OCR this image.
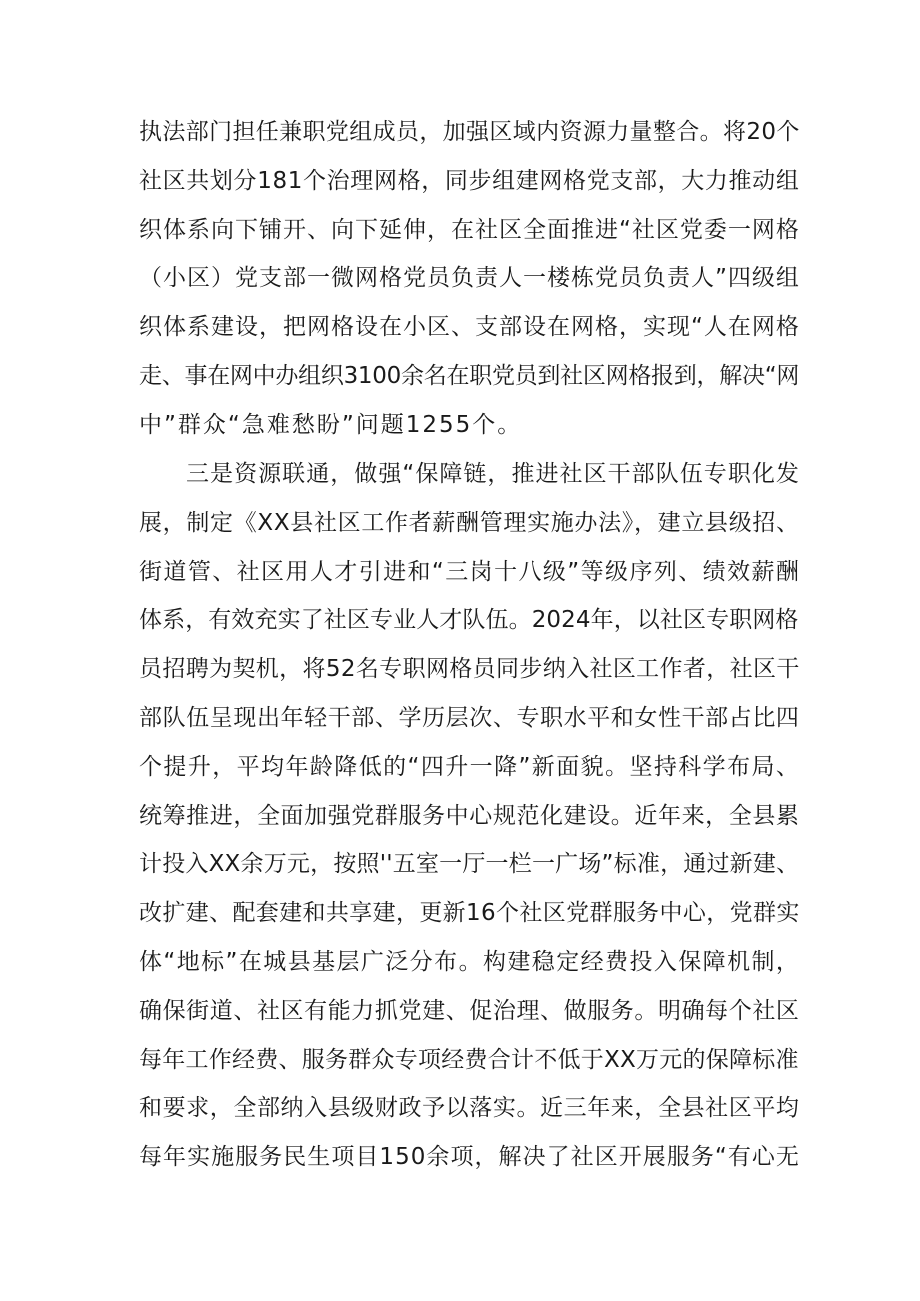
执法部门担任兼职党组成员，加强区域内资源力量整合。将20个
社区共划分181个治理网格，同步组建网格党支部，大力推动组
织体系向下铺开、向下延伸，在社区全面推进“社区党委一网格
（小区）党支部一微网格党员负责人一楼栋党员负责人”四级组
织体系建设，把网格设在小区、支部设在网格，实现“人在网格
走、事在网中办组织3100余名在职党员到社区网格报到，解决“网
中”群众“急难愁盼”问题1255个。
三是资源联通，做强“保障链，推进社区干部队伍专职化发
展，制定《XX县社区工作者薪酬管理实施办法》，建立县级招、
街道管、社区用人才引进和“三岗十八级”等级序列、绩效薪酬
体系，有效充实了社区专业人才队伍。2024年，以社区专职网格
员招聘为契机，将52名专职网格员同步纳入社区工作者，社区干
部队伍呈现出年轻干部、学历层次、专职水平和女性干部占比四
个提升，平均年龄降低的“四升一降”新面貌。坚持科学布局、
统筹推进，全面加强党群服务中心规范化建设。近年来，全县累
计投入XX余万元，按照''五室一厅一栏一广场”标准，通过新建、
改扩建、配套建和共享建，更新16个社区党群服务中心，党群实
体“地标”在城县基层广泛分布。构建稳定经费投入保障机制，
确保街道、社区有能力抓党建、促治理、做服务。明确每个社区
每年工作经费、服务群众专项经费合计不低于XX万元的保障标准
和要求，全部纳入县级财政予以落实。近三年来，全县社区平均
每年实施服务民生项目150余项，解决了社区开展服务“有心无
